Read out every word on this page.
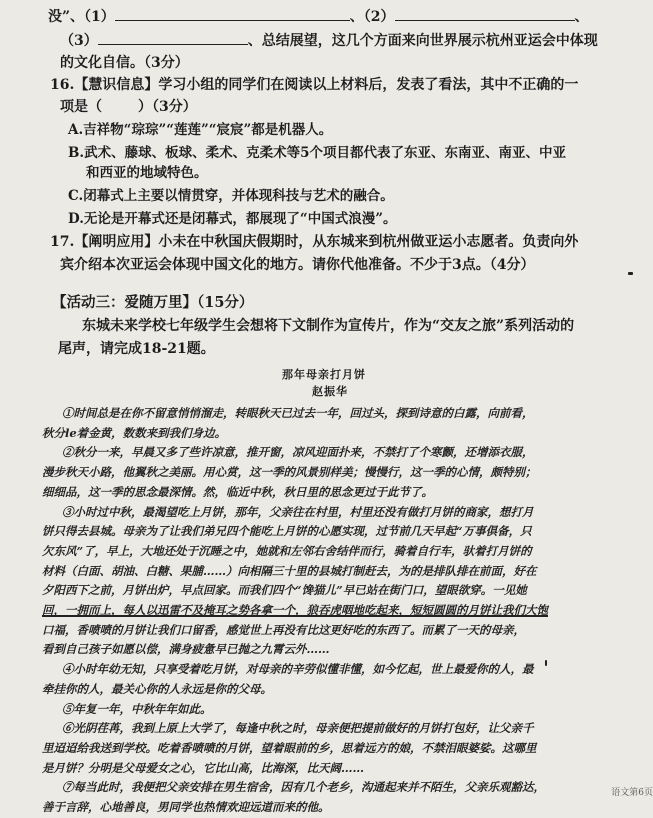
没”、（1）	、（2）	、
（3）	、总结展望，这几个方面来向世界展示杭州亚运会中体现
的文化自信。（3分）
16.【慧识信息】学习小组的同学们在阅读以上材料后，发表了看法，其中不正确的一
项是（	）（3分）
A.吉祥物“琮琮”“莲莲”“宸宸”都是机器人。
B.武术、藤球、板球、柔术、克柔术等5个项目都代表了东亚、东南亚、南亚、中亚
和西亚的地域特色。
C.闭幕式上主要以情贯穿，并体现科技与艺术的融合。
D.无论是开幕式还是闭幕式，都展现了“中国式浪漫”。
17.【阐明应用】小未在中秋国庆假期时，从东城来到杭州做亚运小志愿者。负责向外
宾介绍本次亚运会体现中国文化的地方。请你代他准备。不少于3点。（4分）
【活动三：爱随万里】（15分）
东城未来学校七年级学生会想将下文制作为宣传片，作为“交友之旅”系列活动的
尾声，请完成18-21题。
那年母亲打月饼
赵振华
①时间总是在你不留意悄悄溜走，转眼秋天已过去一年，回过头，探到诗意的白露，向前看，
秋分le着金黄，数数来到我们身边。
②秋分一来，早晨又多了些许凉意，推开窗，凉风迎面扑来，不禁打了个寒颤，还增添衣服，
漫步秋天小路，他翼秋之美丽。用心赏，这一季的风景别样美；慢慢行，这一季的心情，颇特别；
细细品，这一季的思念最深情。然，临近中秋，秋日里的思念更过于此节了。
③小时过中秋，最渴望吃上月饼，那年，父亲往在村里，村里还没有做打月饼的商家，想打月
饼只得去县城。母亲为了让我们弟兄四个能吃上月饼的心愿实现，过节前几天早起“万事俱备，只
欠东风”了，早上，大地还处于沉睡之中，她就和左邻右舍结伴而行，骑着自行车，驮着打月饼的
材料（白面、胡油、白糖、果脯……）向相隔三十里的县城打制赶去，为的是排队排在前面，好在
夕阳西下之前，月饼出炉，早点回家。而我们四个“馋猫儿”早已站在街门口，望眼欲穿。一见她
回，一拥而上，每人以迅雷不及掩耳之势各拿一个，狼吞虎咽地吃起来，短短圆圆的月饼让我们大饱
口福，香喷喷的月饼让我们口留香，感觉世上再没有比这更好吃的东西了。而累了一天的母亲，
看到自己孩子如愿以偿，满身疲惫早已抛之九霄云外……
④小时年幼无知，只享受着吃月饼，对母亲的辛劳似懂非懂，如今忆起，世上最爱你的人，最
牵挂你的人，最关心你的人永远是你的父母。
⑤年复一年，中秋年年如此。
⑥光阴荏苒，我到上原上大学了，每逢中秋之时，母亲便把提前做好的月饼打包好，让父亲千
里迢迢给我送到学校。吃着香喷喷的月饼，望着眼前的乡，思着远方的娘，不禁泪眼婆娑。这哪里
是月饼？分明是父母爱女之心，它比山高，比海深，比天阔……
⑦每当此时，我便把父亲安排在男生宿舍，因有几个老乡，沟通起来并不陌生，父亲乐观豁达，
善于言辞，心地善良，男同学也热情欢迎远道而来的他。
语文第6页
